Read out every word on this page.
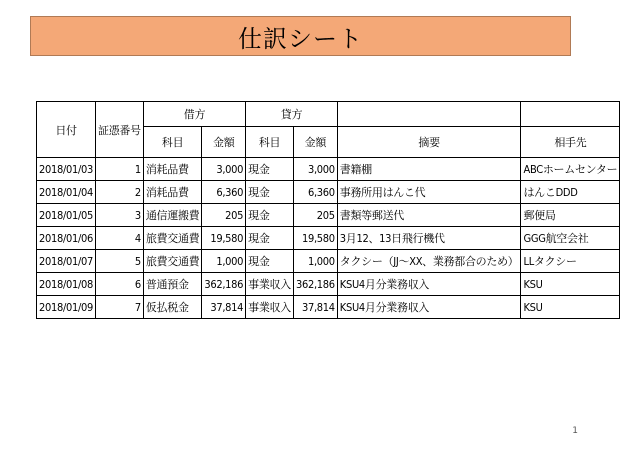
仕訳シート
日付	証憑番号	借方		貸方			
		科目	金額	科目	金額	摘要	相手先
2018/01/03	1	消耗品費	3,000	現金	3,000	書籍棚	ABCホームセンター
2018/01/04	2	消耗品費	6,360	現金	6,360	事務所用はんこ代	はんこDDD
2018/01/05	3	通信運搬費	205	現金	205	書類等郵送代	郵便局
2018/01/06	4	旅費交通費	19,580	現金	19,580	3月12、13日飛行機代	GGG航空会社
2018/01/07	5	旅費交通費	1,000	現金	1,000	タクシー（JJ～XX、業務都合のため）	LLタクシー
2018/01/08	6	普通預金	362,186	事業収入	362,186	KSU4月分業務収入	KSU
2018/01/09	7	仮払税金	37,814	事業収入	37,814	KSU4月分業務収入	KSU
1
